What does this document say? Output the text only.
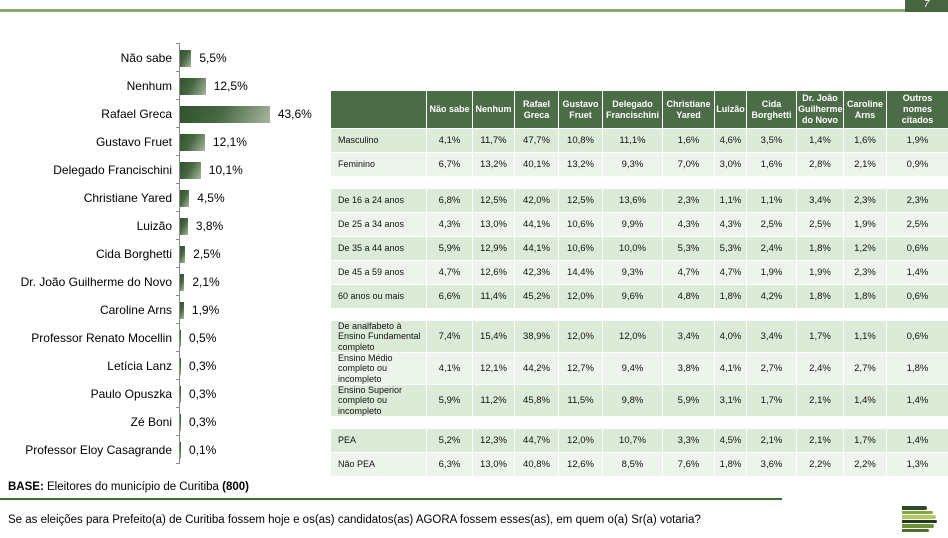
7
Não sabe	5,5%
Nenhum	12,5%
Rafael Greca	43,6%
Gustavo Fruet	12,1%
Delegado Francischini	10,1%
Christiane Yared	4,5%
Luizão	3,8%
Cida Borghetti	2,5%
Dr. João Guilherme do Novo	2,1%
Caroline Arns	1,9%
Professor Renato Mocellin	0,5%
Letícia Lanz	0,3%
Paulo Opuszka	0,3%
Zé Boni	0,3%
Professor Eloy Casagrande	0,1%
	Não sabe	Nenhum	Rafael Greca	Gustavo Fruet	Delegado Francischini	Christiane Yared	Luizão	Cida Borghetti	Dr. João Guilherme do Novo	Caroline Arns	Outros nomes citados
Masculino	4,1%	11,7%	47,7%	10,8%	11,1%	1,6%	4,6%	3,5%	1,4%	1,6%	1,9%
Feminino	6,7%	13,2%	40,1%	13,2%	9,3%	7,0%	3,0%	1,6%	2,8%	2,1%	0,9%

De 16 a 24 anos	6,8%	12,5%	42,0%	12,5%	13,6%	2,3%	1,1%	1,1%	3,4%	2,3%	2,3%
De 25 a 34 anos	4,3%	13,0%	44,1%	10,6%	9,9%	4,3%	4,3%	2,5%	2,5%	1,9%	2,5%
De 35 a 44 anos	5,9%	12,9%	44,1%	10,6%	10,0%	5,3%	5,3%	2,4%	1,8%	1,2%	0,6%
De 45 a 59 anos	4,7%	12,6%	42,3%	14,4%	9,3%	4,7%	4,7%	1,9%	1,9%	2,3%	1,4%
60 anos ou mais	6,6%	11,4%	45,2%	12,0%	9,6%	4,8%	1,8%	4,2%	1,8%	1,8%	0,6%

De analfabeto à Ensino Fundamental completo	7,4%	15,4%	38,9%	12,0%	12,0%	3,4%	4,0%	3,4%	1,7%	1,1%	0,6%
Ensino Médio completo ou incompleto	4,1%	12,1%	44,2%	12,7%	9,4%	3,8%	4,1%	2,7%	2,4%	2,7%	1,8%
Ensino Superior completo ou incompleto	5,9%	11,2%	45,8%	11,5%	9,8%	5,9%	3,1%	1,7%	2,1%	1,4%	1,4%

PEA	5,2%	12,3%	44,7%	12,0%	10,7%	3,3%	4,5%	2,1%	2,1%	1,7%	1,4%
Não PEA	6,3%	13,0%	40,8%	12,6%	8,5%	7,6%	1,8%	3,6%	2,2%	2,2%	1,3%
BASE: Eleitores do município de Curitiba (800)
Se as eleições para Prefeito(a) de Curitiba fossem hoje e os(as) candidatos(as) AGORA fossem esses(as), em quem o(a) Sr(a) votaria?
